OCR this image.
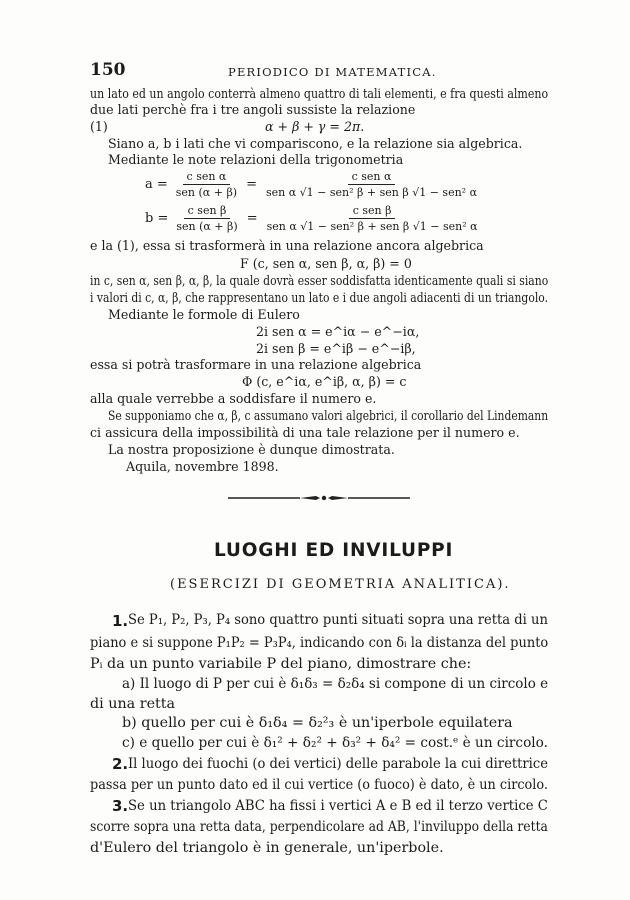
150	PERIODICO DI MATEMATICA.
un lato ed un angolo conterrà almeno quattro di tali elementi, e fra questi almeno
due lati perchè fra i tre angoli sussiste la relazione
(1)	α + β + γ = 2π.
Siano a, b i lati che vi compariscono, e la relazione sia algebrica.
Mediante le note relazioni della trigonometria
$a = \frac{\text{c sen α}}{\text{sen (α + β)}} = \frac{\text{c sen α}}{\text{sen α √1 − sen² β + sen β √1 − sen² α}}$
$b = \frac{\text{c sen β}}{\text{sen (α + β)}} = \frac{\text{c sen β}}{\text{sen α √1 − sen² β + sen β √1 − sen² α}}$
e la (1), essa si trasformerà in una relazione ancora algebrica
F (c, sen α, sen β, α, β) = 0
in c, sen α, sen β, α, β, la quale dovrà esser soddisfatta identicamente quali si siano
i valori di c, α, β, che rappresentano un lato e i due angoli adiacenti di un triangolo.
Mediante le formole di Eulero
2i sen α = e^iα − e^−iα,
2i sen β = e^iβ − e^−iβ,
essa si potrà trasformare in una relazione algebrica
Φ (c, e^iα, e^iβ, α, β) = c
alla quale verrebbe a soddisfare il numero e.
Se supponiamo che α, β, c assumano valori algebrici, il corollario del Lindemann
ci assicura della impossibilità di una tale relazione per il numero e.
La nostra proposizione è dunque dimostrata.
Aquila, novembre 1898.
LUOGHI ED INVILUPPI
(ESERCIZI DI GEOMETRIA ANALITICA).
1. Se P₁, P₂, P₃, P₄ sono quattro punti situati sopra una retta di un
piano e si suppone P₁P₂ = P₃P₄, indicando con δᵢ la distanza del punto
Pᵢ da un punto variabile P del piano, dimostrare che:
a) Il luogo di P per cui è δ₁δ₃ = δ₂δ₄ si compone di un circolo e
di una retta
b) quello per cui è δ₁δ₄ = δ₂²₃ è un'iperbole equilatera
c) e quello per cui è δ₁² + δ₂² + δ₃² + δ₄² = cost.ᵉ è un circolo.
2. Il luogo dei fuochi (o dei vertici) delle parabole la cui direttrice
passa per un punto dato ed il cui vertice (o fuoco) è dato, è un circolo.
3. Se un triangolo ABC ha fissi i vertici A e B ed il terzo vertice C
scorre sopra una retta data, perpendicolare ad AB, l'inviluppo della retta
d'Eulero del triangolo è in generale, un'iperbole.
